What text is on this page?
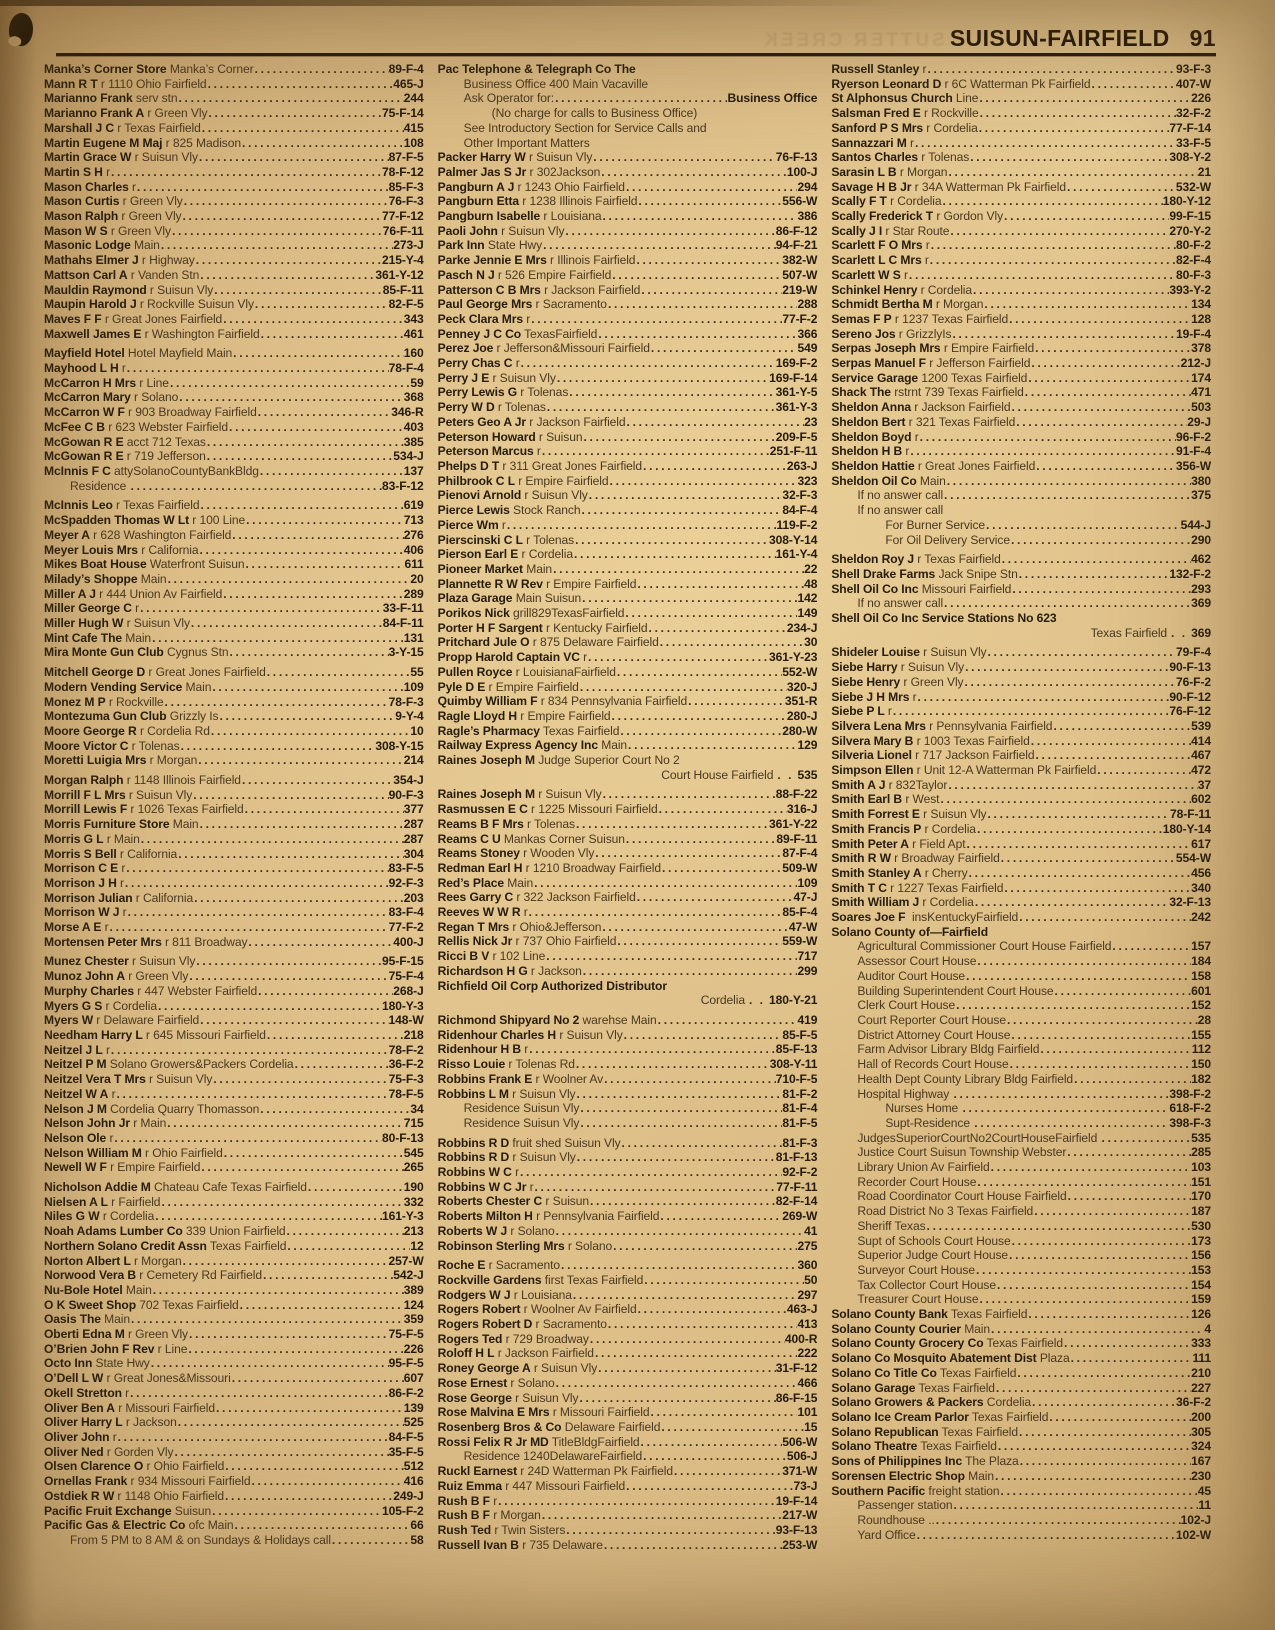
SUTTER CREEK SUISUN-FAIRFIELD 91
Manka’s Corner Store Manka’s Corner .....	89-F-4
Mann R T r 1110 Ohio Fairfield .....	465-J
Marianno Frank serv stn .....	244
Marianno Frank A r Green Vly .....	75-F-14
Marshall J C r Texas Fairfield .....	415
Martin Eugene M Maj r 825 Madison .....	108
Martin Grace W r Suisun Vly .....	87-F-5
Martin S H r .....	78-F-12
Mason Charles r .....	85-F-3
Mason Curtis r Green Vly .....	76-F-3
Mason Ralph r Green Vly .....	77-F-12
Mason W S r Green Vly .....	76-F-11
Masonic Lodge Main .....	273-J
Mathahs Elmer J r Highway .....	215-Y-4
Mattson Carl A r Vanden Stn .....	361-Y-12
Mauldin Raymond r Suisun Vly .....	85-F-11
Maupin Harold J r Rockville Suisun Vly .....	82-F-5
Maves F F r Great Jones Fairfield .....	343
Maxwell James E r Washington Fairfield .....	461
Mayfield Hotel Hotel Mayfield Main .....	160
Mayhood L H r .....	78-F-4
McCarron H Mrs r Line .....	59
McCarron Mary r Solano .....	368
McCarron W F r 903 Broadway Fairfield .....	346-R
McFee C B r 623 Webster Fairfield .....	403
McGowan R E acct 712 Texas .....	385
McGowan R E r 719 Jefferson .....	534-J
McInnis F C attySolanoCountyBankBldg .....	137
Residence .....	83-F-12
McInnis Leo r Texas Fairfield .....	619
McSpadden Thomas W Lt r 100 Line .....	713
Meyer A r 628 Washington Fairfield .....	276
Meyer Louis Mrs r California .....	406
Mikes Boat House Waterfront Suisun .....	611
Milady’s Shoppe Main .....	20
Miller A J r 444 Union Av Fairfield .....	289
Miller George C r .....	33-F-11
Miller Hugh W r Suisun Vly .....	84-F-11
Mint Cafe The Main .....	131
Mira Monte Gun Club Cygnus Stn .....	3-Y-15
Mitchell George D r Great Jones Fairfield .....	55
Modern Vending Service Main .....	109
Monez M P r Rockville .....	78-F-3
Montezuma Gun Club Grizzly Is .....	9-Y-4
Moore George R r Cordelia Rd .....	10
Moore Victor C r Tolenas .....	308-Y-15
Moretti Luigia Mrs r Morgan .....	214
Morgan Ralph r 1148 Illinois Fairfield .....	354-J
Morrill F L Mrs r Suisun Vly .....	90-F-3
Morrill Lewis F r 1026 Texas Fairfield .....	377
Morris Furniture Store Main .....	287
Morris G L r Main .....	287
Morris S Bell r California .....	304
Morrison C E r .....	83-F-5
Morrison J H r .....	92-F-3
Morrison Julian r California .....	203
Morrison W J r .....	83-F-4
Morse A E r .....	77-F-2
Mortensen Peter Mrs r 811 Broadway .....	400-J
Munez Chester r Suisun Vly .....	95-F-15
Munoz John A r Green Vly .....	75-F-4
Murphy Charles r 447 Webster Fairfield .....	268-J
Myers G S r Cordelia .....	180-Y-3
Myers W r Delaware Fairfield .....	148-W
Needham Harry L r 645 Missouri Fairfield .....	218
Neitzel J L r .....	78-F-2
Neitzel P M Solano Growers&Packers Cordelia .....	36-F-2
Neitzel Vera T Mrs r Suisun Vly .....	75-F-3
Neitzel W A r .....	78-F-5
Nelson J M Cordelia Quarry Thomasson .....	34
Nelson John Jr r Main .....	715
Nelson Ole r .....	80-F-13
Nelson William M r Ohio Fairfield .....	545
Newell W F r Empire Fairfield .....	265
Nicholson Addie M Chateau Cafe Texas Fairfield .....	190
Nielsen A L r Fairfield .....	332
Niles G W r Cordelia .....	161-Y-3
Noah Adams Lumber Co 339 Union Fairfield .....	213
Northern Solano Credit Assn Texas Fairfield .....	12
Norton Albert L r Morgan .....	257-W
Norwood Vera B r Cemetery Rd Fairfield .....	542-J
Nu-Bole Hotel Main .....	389
O K Sweet Shop 702 Texas Fairfield .....	124
Oasis The Main .....	359
Oberti Edna M r Green Vly .....	75-F-5
O’Brien John F Rev r Line .....	226
Octo Inn State Hwy .....	95-F-5
O’Dell L W r Great Jones&Missouri .....	607
Okell Stretton r .....	86-F-2
Oliver Ben A r Missouri Fairfield .....	139
Oliver Harry L r Jackson .....	525
Oliver John r .....	84-F-5
Oliver Ned r Gorden Vly .....	35-F-5
Olsen Clarence O r Ohio Fairfield .....	512
Ornellas Frank r 934 Missouri Fairfield .....	416
Ostdiek R W r 1148 Ohio Fairfield .....	249-J
Pacific Fruit Exchange Suisun .....	105-F-2
Pacific Gas & Electric Co ofc Main .....	66
From 5 PM to 8 AM & on Sundays & Holidays call .....	58
Pac Telephone & Telegraph Co The
Business Office 400 Main Vacaville
Ask Operator for: .....	Business Office
(No charge for calls to Business Office)
See Introductory Section for Service Calls and
Other Important Matters
Packer Harry W r Suisun Vly .....	76-F-13
Palmer Jas S Jr r 302Jackson .....	100-J
Pangburn A J r 1243 Ohio Fairfield .....	294
Pangburn Etta r 1238 Illinois Fairfield .....	556-W
Pangburn Isabelle r Louisiana .....	386
Paoli John r Suisun Vly .....	86-F-12
Park Inn State Hwy .....	94-F-21
Parke Jennie E Mrs r Illinois Fairfield .....	382-W
Pasch N J r 526 Empire Fairfield .....	507-W
Patterson C B Mrs r Jackson Fairfield .....	219-W
Paul George Mrs r Sacramento .....	288
Peck Clara Mrs r .....	77-F-2
Penney J C Co TexasFairfield .....	366
Perez Joe r Jefferson&Missouri Fairfield .....	549
Perry Chas C r .....	169-F-2
Perry J E r Suisun Vly .....	169-F-14
Perry Lewis G r Tolenas .....	361-Y-5
Perry W D r Tolenas .....	361-Y-3
Peters Geo A Jr r Jackson Fairfield .....	23
Peterson Howard r Suisun .....	209-F-5
Peterson Marcus r .....	251-F-11
Phelps D T r 311 Great Jones Fairfield .....	263-J
Philbrook C L r Empire Fairfield .....	323
Pienovi Arnold r Suisun Vly .....	32-F-3
Pierce Lewis Stock Ranch .....	84-F-4
Pierce Wm r .....	119-F-2
Pierscinski C L r Tolenas .....	308-Y-14
Pierson Earl E r Cordelia .....	161-Y-4
Pioneer Market Main .....	22
Plannette R W Rev r Empire Fairfield .....	48
Plaza Garage Main Suisun .....	142
Porikos Nick grill829TexasFairfield .....	149
Porter H F Sargent r Kentucky Fairfield .....	234-J
Pritchard Jule O r 875 Delaware Fairfield .....	30
Propp Harold Captain VC r .....	361-Y-23
Pullen Royce r LouisianaFairfield .....	552-W
Pyle D E r Empire Fairfield .....	320-J
Quimby William F r 834 Pennsylvania Fairfield .....	351-R
Ragle Lloyd H r Empire Fairfield .....	280-J
Ragle’s Pharmacy Texas Fairfield .....	280-W
Railway Express Agency Inc Main .....	129
Raines Joseph M Judge Superior Court No 2
Court House Fairfield . . 535
Raines Joseph M r Suisun Vly .....	88-F-22
Rasmussen E C r 1225 Missouri Fairfield .....	316-J
Reams B F Mrs r Tolenas .....	361-Y-22
Reams C U Mankas Corner Suisun .....	89-F-11
Reams Stoney r Wooden Vly .....	87-F-4
Redman Earl H r 1210 Broadway Fairfield .....	509-W
Red’s Place Main .....	109
Rees Garry C r 322 Jackson Fairfield .....	47-J
Reeves W W R r .....	85-F-4
Regan T Mrs r Ohio&Jefferson .....	47-W
Rellis Nick Jr r 737 Ohio Fairfield .....	559-W
Ricci B V r 102 Line .....	717
Richardson H G r Jackson .....	299
Richfield Oil Corp Authorized Distributor
Cordelia . . 180-Y-21
Richmond Shipyard No 2 warehse Main .....	419
Ridenhour Charles H r Suisun Vly .....	85-F-5
Ridenhour H B r .....	85-F-13
Risso Louie r Tolenas Rd .....	308-Y-11
Robbins Frank E r Woolner Av .....	710-F-5
Robbins L M r Suisun Vly .....	81-F-2
Residence Suisun Vly .....	81-F-4
Residence Suisun Vly .....	81-F-5
Robbins R D fruit shed Suisun Vly .....	81-F-3
Robbins R D r Suisun Vly .....	81-F-13
Robbins W C r .....	92-F-2
Robbins W C Jr r .....	77-F-11
Roberts Chester C r Suisun .....	82-F-14
Roberts Milton H r Pennsylvania Fairfield .....	269-W
Roberts W J r Solano .....	41
Robinson Sterling Mrs r Solano .....	275
Roche E r Sacramento .....	360
Rockville Gardens first Texas Fairfield .....	50
Rodgers W J r Louisiana .....	297
Rogers Robert r Woolner Av Fairfield .....	463-J
Rogers Robert D r Sacramento .....	413
Rogers Ted r 729 Broadway .....	400-R
Roloff H L r Jackson Fairfield .....	222
Roney George A r Suisun Vly .....	31-F-12
Rose Ernest r Solano .....	466
Rose George r Suisun Vly .....	86-F-15
Rose Malvina E Mrs r Missouri Fairfield .....	101
Rosenberg Bros & Co Delaware Fairfield .....	15
Rossi Felix R Jr MD TitleBldgFairfield .....	506-W
Residence 1240DelawareFairfield .....	506-J
Ruckl Earnest r 24D Watterman Pk Fairfield .....	371-W
Ruiz Emma r 447 Missouri Fairfield .....	73-J
Rush B F r .....	19-F-14
Rush B F r Morgan .....	217-W
Rush Ted r Twin Sisters .....	93-F-13
Russell Ivan B r 735 Delaware .....	253-W
Russell Stanley r .....	93-F-3
Ryerson Leonard D r 6C Watterman Pk Fairfield .....	407-W
St Alphonsus Church Line .....	226
Salsman Fred E r Rockville .....	32-F-2
Sanford P S Mrs r Cordelia .....	77-F-14
Sannazzari M r .....	33-F-5
Santos Charles r Tolenas .....	308-Y-2
Sarasin L B r Morgan .....	21
Savage H B Jr r 34A Watterman Pk Fairfield .....	532-W
Scally F T r Cordelia .....	180-Y-12
Scally Frederick T r Gordon Vly .....	99-F-15
Scally J I r Star Route .....	270-Y-2
Scarlett F O Mrs r .....	80-F-2
Scarlett L C Mrs r .....	82-F-4
Scarlett W S r .....	80-F-3
Schinkel Henry r Cordelia .....	393-Y-2
Schmidt Bertha M r Morgan .....	134
Semas F P r 1237 Texas Fairfield .....	128
Sereno Jos r GrizzlyIs .....	19-F-4
Serpas Joseph Mrs r Empire Fairfield .....	378
Serpas Manuel F r Jefferson Fairfield .....	212-J
Service Garage 1200 Texas Fairfield .....	174
Shack The rstrnt 739 Texas Fairfield .....	471
Sheldon Anna r Jackson Fairfield .....	503
Sheldon Bert r 321 Texas Fairfield .....	29-J
Sheldon Boyd r .....	96-F-2
Sheldon H B r .....	91-F-4
Sheldon Hattie r Great Jones Fairfield .....	356-W
Sheldon Oil Co Main .....	380
If no answer call .....	375
If no answer call
For Burner Service .....	544-J
For Oil Delivery Service .....	290
Sheldon Roy J r Texas Fairfield .....	462
Shell Drake Farms Jack Snipe Stn .....	132-F-2
Shell Oil Co Inc Missouri Fairfield .....	293
If no answer call .....	369
Shell Oil Co Inc Service Stations No 623
Texas Fairfield . . 369
Shideler Louise r Suisun Vly .....	79-F-4
Siebe Harry r Suisun Vly .....	90-F-13
Siebe Henry r Green Vly .....	76-F-2
Siebe J H Mrs r .....	90-F-12
Siebe P L r .....	76-F-12
Silvera Lena Mrs r Pennsylvania Fairfield .....	539
Silvera Mary B r 1003 Texas Fairfield .....	414
Silveria Lionel r 717 Jackson Fairfield .....	467
Simpson Ellen r Unit 12-A Watterman Pk Fairfield .....	472
Smith A J r 832Taylor .....	37
Smith Earl B r West .....	602
Smith Forrest E r Suisun Vly .....	78-F-11
Smith Francis P r Cordelia .....	180-Y-14
Smith Peter A r Field Apt .....	617
Smith R W r Broadway Fairfield .....	554-W
Smith Stanley A r Cherry .....	456
Smith T C r 1227 Texas Fairfield .....	340
Smith William J r Cordelia .....	32-F-13
Soares Joe F insKentuckyFairfield .....	242
Solano County of—Fairfield
Agricultural Commissioner Court House Fairfield .....	157
Assessor Court House .....	184
Auditor Court House .....	158
Building Superintendent Court House .....	601
Clerk Court House .....	152
Court Reporter Court House .....	28
District Attorney Court House .....	155
Farm Advisor Library Bldg Fairfield .....	112
Hall of Records Court House .....	150
Health Dept County Library Bldg Fairfield .....	182
Hospital Highway .....	398-F-2
Nurses Home .....	618-F-2
Supt-Residence .....	398-F-3
JudgesSuperiorCourtNo2CourtHouseFairfield .....	535
Justice Court Suisun Township Webster .....	285
Library Union Av Fairfield .....	103
Recorder Court House .....	151
Road Coordinator Court House Fairfield .....	170
Road District No 3 Texas Fairfield .....	187
Sheriff Texas .....	530
Supt of Schools Court House .....	173
Superior Judge Court House .....	156
Surveyor Court House .....	153
Tax Collector Court House .....	154
Treasurer Court House .....	159
Solano County Bank Texas Fairfield .....	126
Solano County Courier Main .....	4
Solano County Grocery Co Texas Fairfield .....	333
Solano Co Mosquito Abatement Dist Plaza .....	111
Solano Co Title Co Texas Fairfield .....	210
Solano Garage Texas Fairfield .....	227
Solano Growers & Packers Cordelia .....	36-F-2
Solano Ice Cream Parlor Texas Fairfield .....	200
Solano Republican Texas Fairfield .....	305
Solano Theatre Texas Fairfield .....	324
Sons of Philippines Inc The Plaza .....	167
Sorensen Electric Shop Main .....	230
Southern Pacific freight station .....	45
Passenger station .....	11
Roundhouse .. .....	102-J
Yard Office .....	102-W
